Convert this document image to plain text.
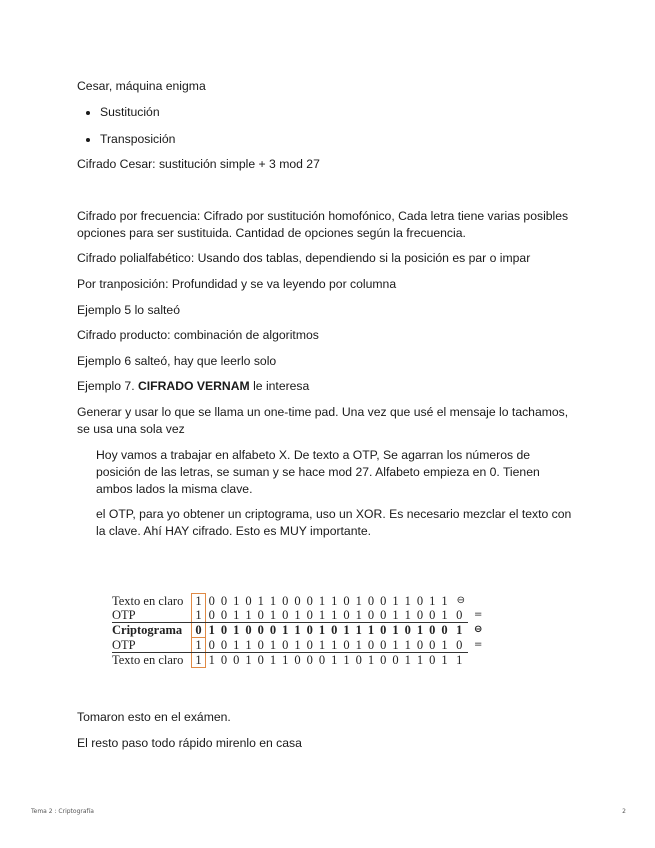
Cesar, máquina enigma

• Sustitución
• Transposición

Cifrado Cesar: sustitución simple + 3 mod 27

Cifrado por frecuencia: Cifrado por sustitución homofónico, Cada letra tiene varias posibles opciones para ser sustituida. Cantidad de opciones según la frecuencia.

Cifrado polialfabético: Usando dos tablas, dependiendo si la posición es par o impar

Por tranposición: Profundidad y se va leyendo por columna

Ejemplo 5 lo salteó

Cifrado producto: combinación de algoritmos

Ejemplo 6 salteó, hay que leerlo solo

Ejemplo 7. CIFRADO VERNAM le interesa

Generar y usar lo que se llama un one-time pad. Una vez que usé el mensaje lo tachamos, se usa una sola vez

Hoy vamos a trabajar en alfabeto X. De texto a OTP, Se agarran los números de posición de las letras, se suman y se hace mod 27. Alfabeto empieza en 0. Tienen ambos lados la misma clave.

el OTP, para yo obtener un criptograma, uso un XOR. Es necesario mezclar el texto con la clave. Ahí HAY cifrado. Esto es MUY importante.

Texto en claro	1	0	0	1	0	1	1	0	0	0	1	1	0	1	0	0	1	1	0	1	1	⊖	
OTP	1	0	0	1	1	0	1	0	1	0	1	1	0	1	0	0	1	1	0	0	1	0	=
Criptograma	0	1	0	1	0	0	0	1	1	0	1	0	1	1	1	0	1	0	1	0	0	1	⊖
OTP	1	0	0	1	1	0	1	0	1	0	1	1	0	1	0	0	1	1	0	0	1	0	=
Texto en claro	1	1	0	0	1	0	1	1	0	0	0	1	1	0	1	0	0	1	1	0	1	1	

Tomaron esto en el exámen.

El resto paso todo rápido mirenlo en casa

Tema 2 : Criptografía	2
